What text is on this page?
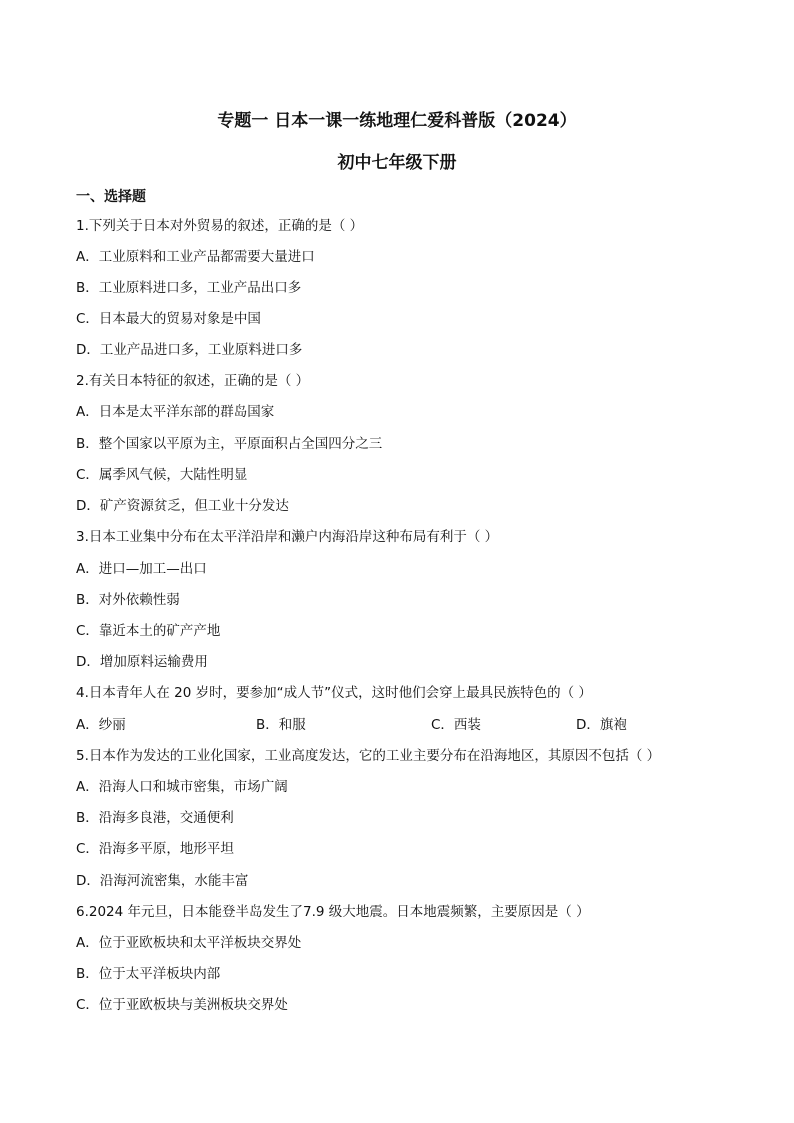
专题一 日本一课一练地理仁爱科普版（2024）
初中七年级下册
一、选择题
1.下列关于日本对外贸易的叙述，正确的是（ ）
A．工业原料和工业产品都需要大量进口
B．工业原料进口多，工业产品出口多
C．日本最大的贸易对象是中国
D．工业产品进口多，工业原料进口多
2.有关日本特征的叙述，正确的是（ ）
A．日本是太平洋东部的群岛国家
B．整个国家以平原为主，平原面积占全国四分之三
C．属季风气候，大陆性明显
D．矿产资源贫乏，但工业十分发达
3.日本工业集中分布在太平洋沿岸和濑户内海沿岸这种布局有利于（ ）
A．进口—加工—出口
B．对外依赖性弱
C．靠近本土的矿产产地
D．增加原料运输费用
4.日本青年人在 20 岁时，要参加“成人节”仪式，这时他们会穿上最具民族特色的（ ）
A．纱丽	B．和服	C．西装	D．旗袍
5.日本作为发达的工业化国家，工业高度发达，它的工业主要分布在沿海地区，其原因不包括（ ）
A．沿海人口和城市密集，市场广阔
B．沿海多良港，交通便利
C．沿海多平原，地形平坦
D．沿海河流密集，水能丰富
6.2024 年元旦，日本能登半岛发生了7.9 级大地震。日本地震频繁，主要原因是（ ）
A．位于亚欧板块和太平洋板块交界处
B．位于太平洋板块内部
C．位于亚欧板块与美洲板块交界处
